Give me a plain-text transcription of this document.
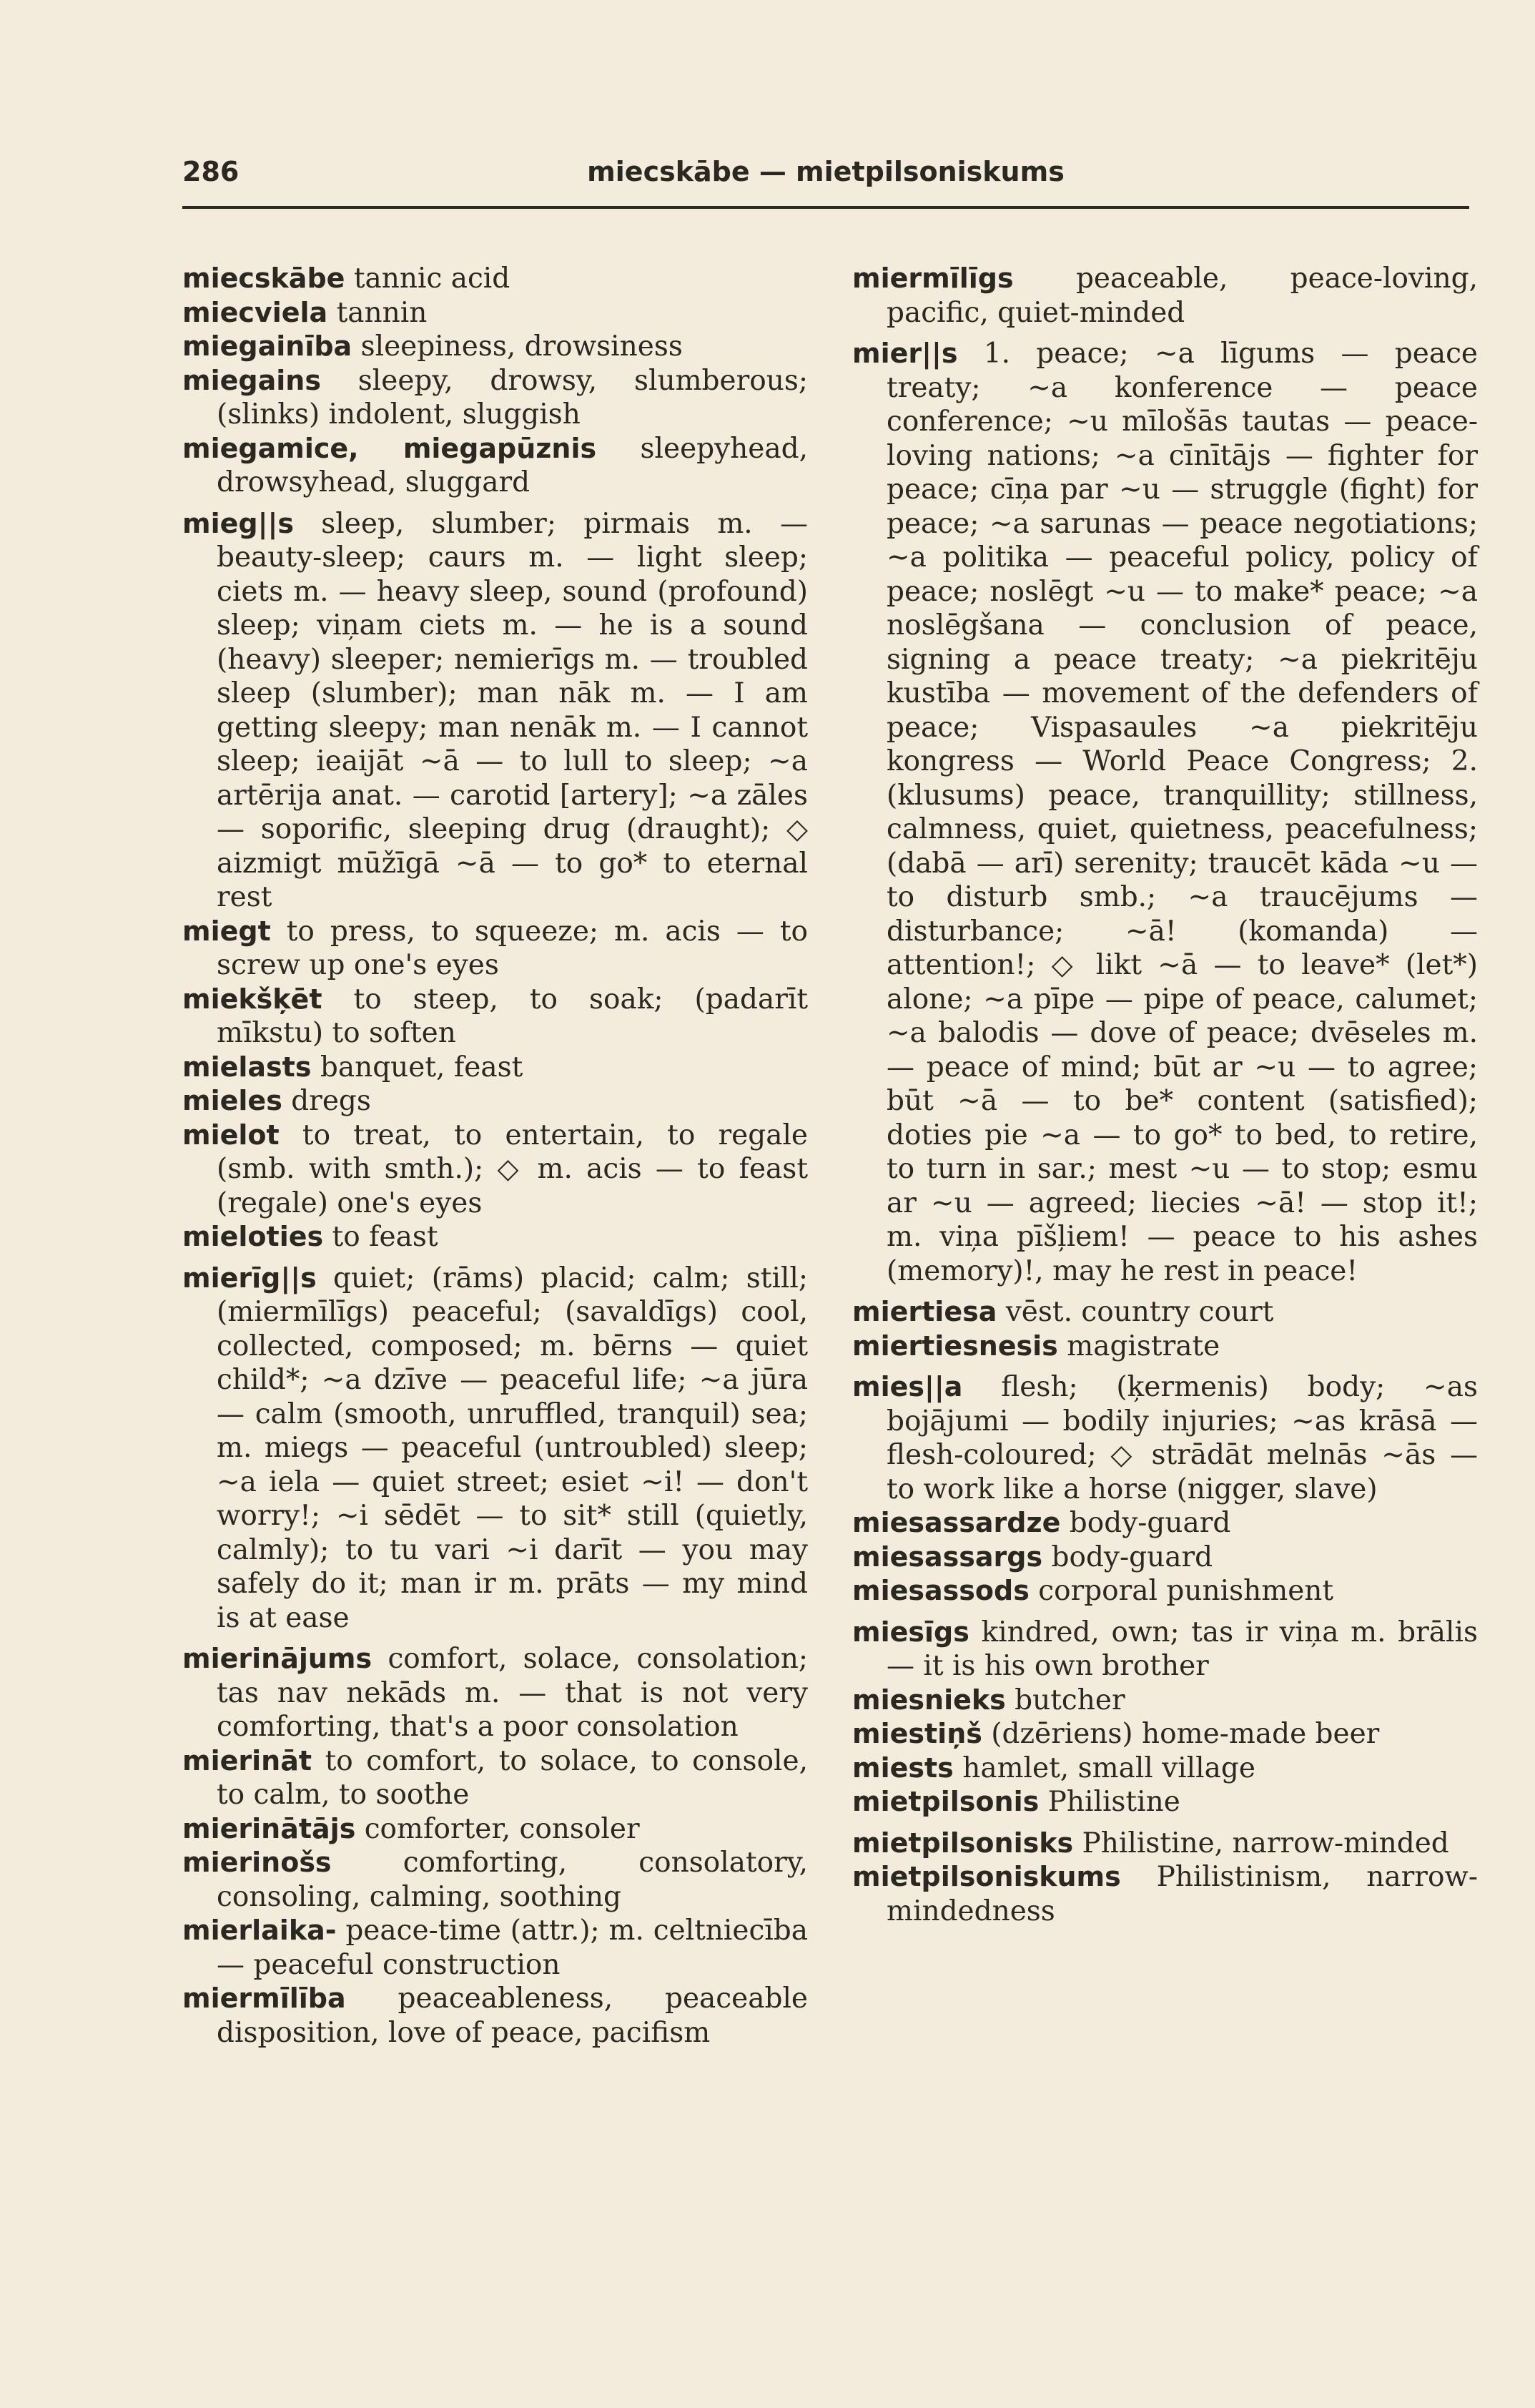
286	miecskābe — mietpilsoniskums

miecskābe tannic acid

miecviela tannin

miegainība sleepiness, drowsiness

miegains sleepy, drowsy, slumberous; (slinks) indolent, sluggish

miegamice, miegapūznis sleepyhead, drowsyhead, sluggard

mieg||s sleep, slumber; pirmais m. — beauty-sleep; caurs m. — light sleep; ciets m. — heavy sleep, sound (profound) sleep; viņam ciets m. — he is a sound (heavy) sleeper; nemierīgs m. — troubled sleep (slumber); man nāk m. — I am getting sleepy; man nenāk m. — I cannot sleep; ieaijāt ~ā — to lull to sleep; ~a artērija anat. — carotid [artery]; ~a zāles — soporific, sleeping drug (draught); ◇ aizmigt mūžīgā ~ā — to go* to eternal rest

miegt to press, to squeeze; m. acis — to screw up one's eyes

miekšķēt to steep, to soak; (padarīt mīkstu) to soften

mielasts banquet, feast

mieles dregs

mielot to treat, to entertain, to regale (smb. with smth.); ◇ m. acis — to feast (regale) one's eyes

mieloties to feast

mierīg||s quiet; (rāms) placid; calm; still; (miermīlīgs) peaceful; (savaldīgs) cool, collected, composed; m. bērns — quiet child*; ~a dzīve — peaceful life; ~a jūra — calm (smooth, unruffled, tranquil) sea; m. miegs — peaceful (untroubled) sleep; ~a iela — quiet street; esiet ~i! — don't worry!; ~i sēdēt — to sit* still (quietly, calmly); to tu vari ~i darīt — you may safely do it; man ir m. prāts — my mind is at ease

mierinājums comfort, solace, consolation; tas nav nekāds m. — that is not very comforting, that's a poor consolation

mierināt to comfort, to solace, to console, to calm, to soothe

mierinātājs comforter, consoler

mierinošs	comforting, consolatory, consoling, calming, soothing

mierlaika- peace-time (attr.); m. celtniecība — peaceful construction

miermīlība peaceableness, peaceable disposition, love of peace, pacifism

miermīlīgs peaceable, peace-loving, pacific, quiet-minded

mier||s 1. peace; ~a līgums — peace treaty; ~a konference — peace conference; ~u mīlošās tautas — peace-loving nations; ~a cīnītājs — fighter for peace; cīņa par ~u — struggle (fight) for peace; ~a sarunas — peace negotiations; ~a politika — peaceful policy, policy of peace; noslēgt ~u — to make* peace; ~a noslēgšana — conclusion of peace, signing a peace treaty; ~a piekritēju kustība — movement of the defenders of peace; Vispasaules ~a piekritēju kongress — World Peace Congress; 2. (klusums) peace, tranquillity; stillness, calmness, quiet, quietness, peacefulness; (dabā — arī) serenity; traucēt kāda ~u — to disturb smb.; ~a traucējums — disturbance; ~ā! (komanda) — attention!; ◇ likt ~ā — to leave* (let*) alone; ~a pīpe — pipe of peace, calumet; ~a balodis — dove of peace; dvēseles m. — peace of mind; būt ar ~u — to agree; būt ~ā — to be* content (satisfied); doties pie ~a — to go* to bed, to retire, to turn in sar.; mest ~u — to stop; esmu ar ~u — agreed; liecies ~ā! — stop it!; m. viņa pīšļiem! — peace to his ashes (memory)!, may he rest in peace!

miertiesa vēst. country court

miertiesnesis magistrate

mies||a flesh; (ķermenis) body; ~as bojājumi — bodily injuries; ~as krāsā — flesh-coloured; ◇ strādāt melnās ~ās — to work like a horse (nigger, slave)

miesassardze body-guard

miesassargs body-guard

miesassods corporal punishment

miesīgs kindred, own; tas ir viņa m. brālis — it is his own brother

miesnieks butcher

miestiņš (dzēriens) home-made beer

miests hamlet, small village

mietpilsonis Philistine

mietpilsonisks Philistine, narrow-minded

mietpilsoniskums Philistinism, narrow-mindedness
